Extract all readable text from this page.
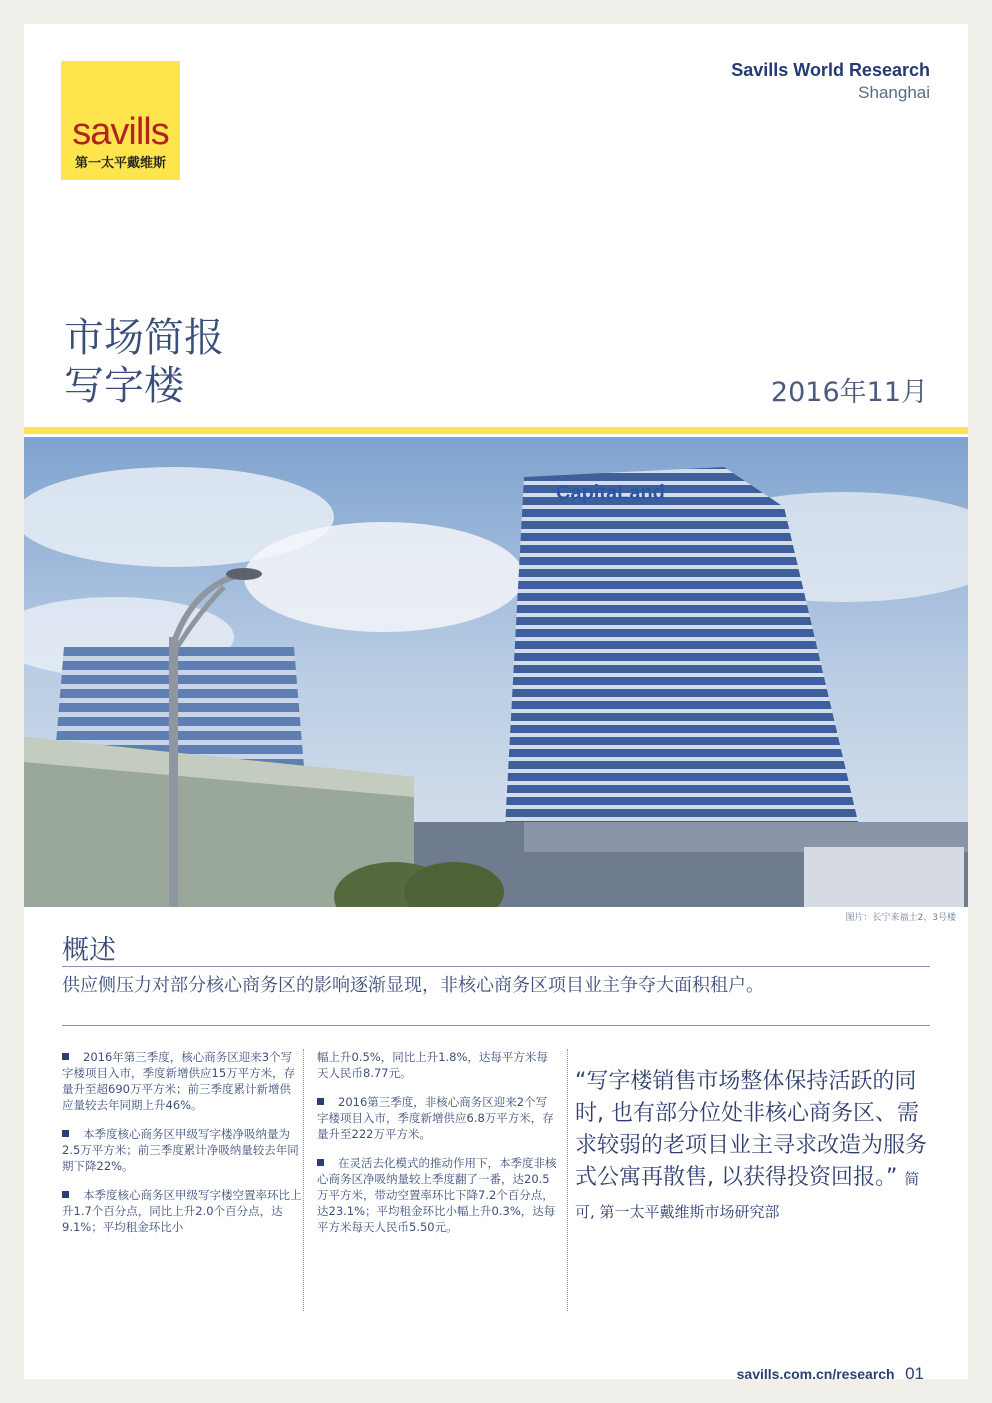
savills
第一太平戴维斯
Savills World Research
Shanghai
市场简报
写字楼	2016年11月
CapitaLand
图片：长宁来福士2、3号楼
概述
供应侧压力对部分核心商务区的影响逐渐显现，非核心商务区项目业主争夺大面积租户。

2016年第三季度，核心商务区迎来3个写字楼项目入市，季度新增供应15万平方米，存量升至超690万平方米；前三季度累计新增供应量较去年同期上升46%。

本季度核心商务区甲级写字楼净吸纳量为2.5万平方米；前三季度累计净吸纳量较去年同期下降22%。

本季度核心商务区甲级写字楼空置率环比上升1.7个百分点，同比上升2.0个百分点，达9.1%；平均租金环比小

幅上升0.5%，同比上升1.8%，达每平方米每天人民币8.77元。

2016第三季度，非核心商务区迎来2个写字楼项目入市，季度新增供应6.8万平方米，存量升至222万平方米。

在灵活去化模式的推动作用下，本季度非核心商务区净吸纳量较上季度翻了一番，达20.5万平方米，带动空置率环比下降7.2个百分点，达23.1%；平均租金环比小幅上升0.3%，达每平方米每天人民币5.50元。

“写字楼销售市场整体保持活跃的同时, 也有部分位处非核心商务区、需求较弱的老项目业主寻求改造为服务式公寓再散售, 以获得投资回报。” 简可, 第一太平戴维斯市场研究部
savills.com.cn/research 01
